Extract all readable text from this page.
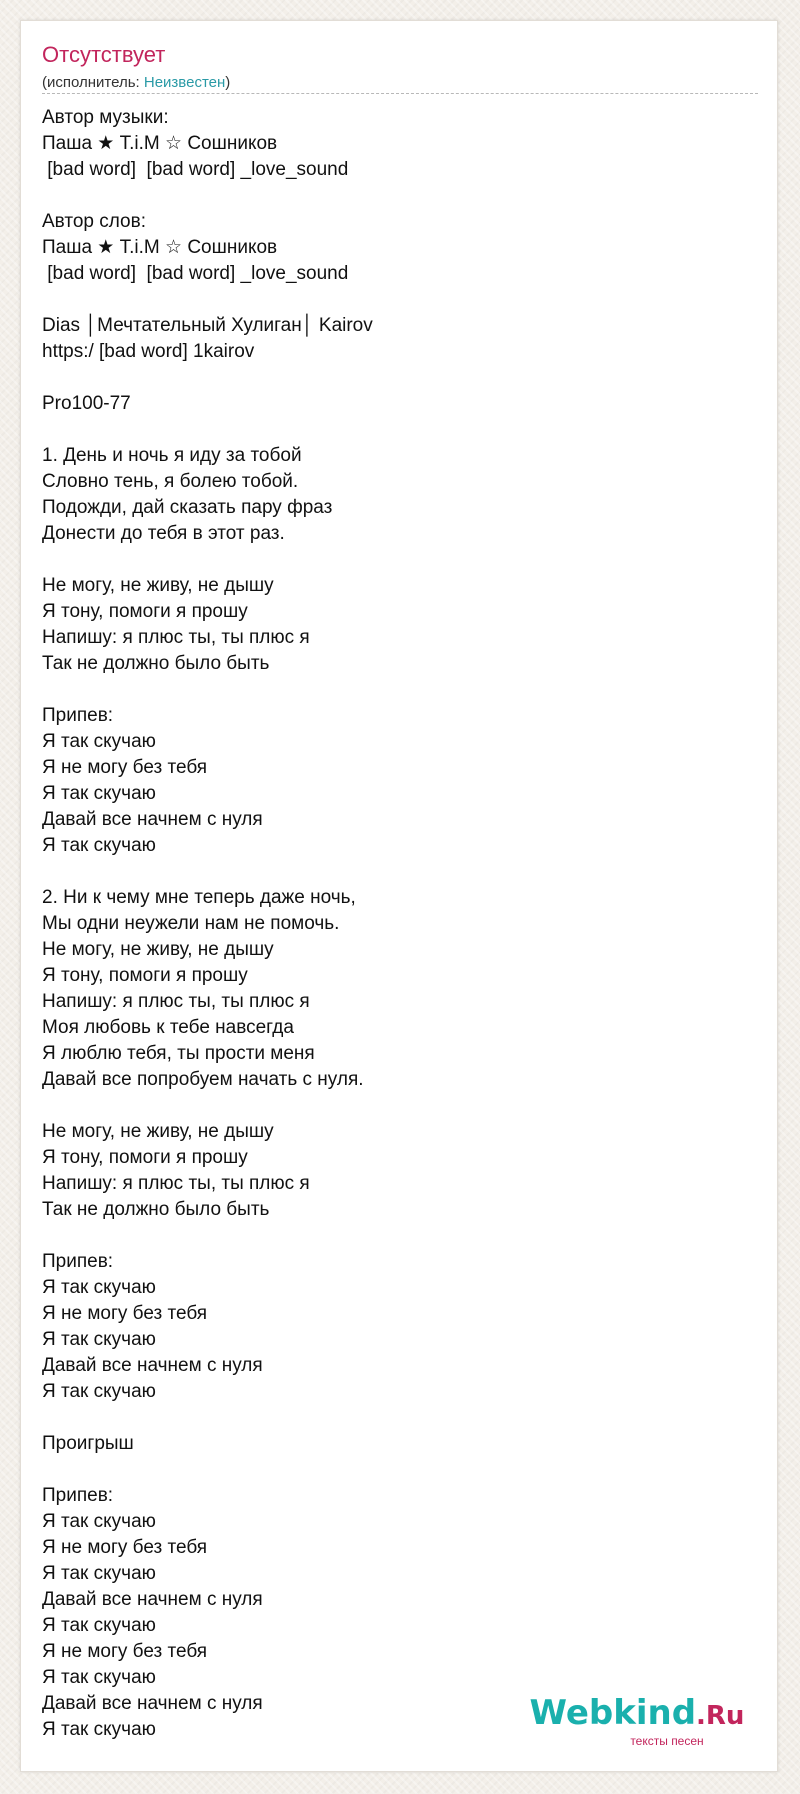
Отсутствует
(исполнитель: Неизвестен)
Автор музыки:
Паша ★ T.i.M ☆ Сошников
[bad word]  [bad word] _love_sound
Автор слов:
Паша ★ T.i.M ☆ Сошников
[bad word]  [bad word] _love_sound
Dias │Мечтательный Хулиган│ Kairov
https:/ [bad word] 1kairov
Pro100-77
1. День и ночь я иду за тобой
Словно тень, я болею тобой.
Подожди, дай сказать пару фраз
Донести до тебя в этот раз.
Не могу, не живу, не дышу
Я тону, помоги я прошу
Напишу: я плюс ты, ты плюс я
Так не должно было быть
Припев:
Я так скучаю
Я не могу без тебя
Я так скучаю
Давай все начнем с нуля
Я так скучаю
2. Ни к чему мне теперь даже ночь,
Мы одни неужели нам не помочь.
Не могу, не живу, не дышу
Я тону, помоги я прошу
Напишу: я плюс ты, ты плюс я
Моя любовь к тебе навсегда
Я люблю тебя, ты прости меня
Давай все попробуем начать с нуля.
Не могу, не живу, не дышу
Я тону, помоги я прошу
Напишу: я плюс ты, ты плюс я
Так не должно было быть
Припев:
Я так скучаю
Я не могу без тебя
Я так скучаю
Давай все начнем с нуля
Я так скучаю
Проигрыш
Припев:
Я так скучаю
Я не могу без тебя
Я так скучаю
Давай все начнем с нуля
Я так скучаю
Я не могу без тебя
Я так скучаю
Давай все начнем с нуля
Я так скучаю	Webkind.Ru
тексты песен
